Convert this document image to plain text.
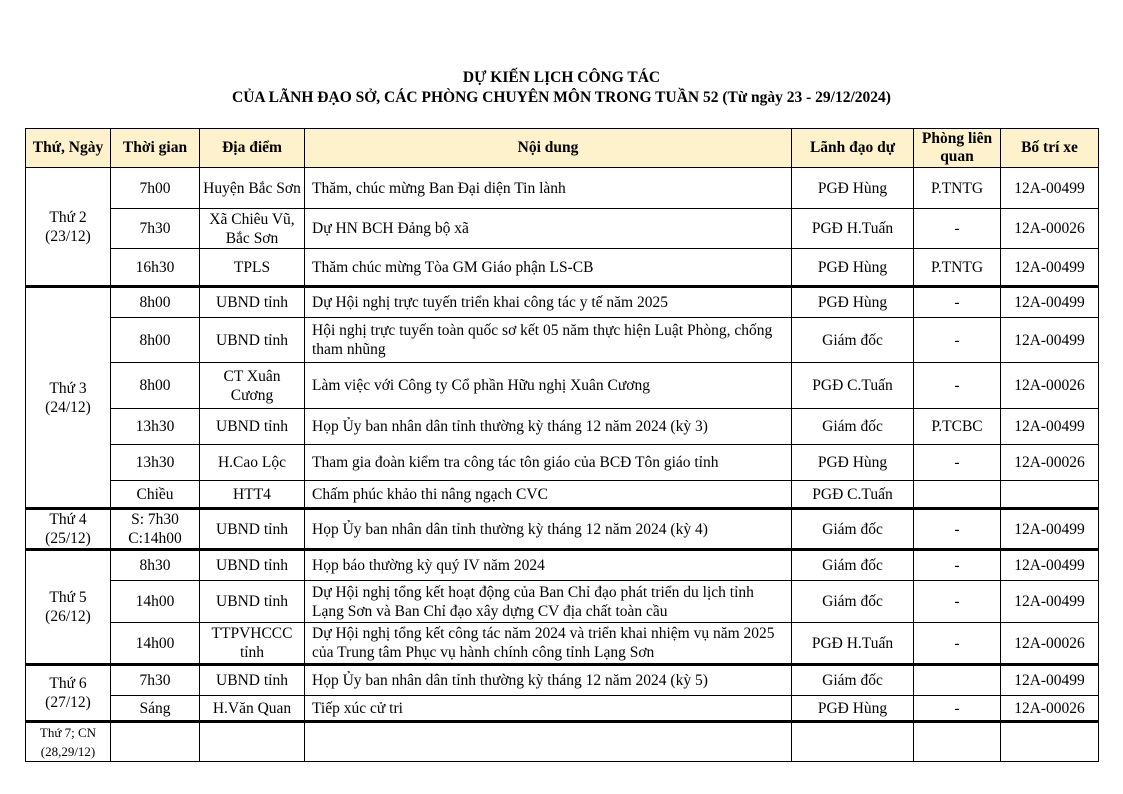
DỰ KIẾN LỊCH CÔNG TÁC
CỦA LÃNH ĐẠO SỞ, CÁC PHÒNG CHUYÊN MÔN TRONG TUẦN 52 (Từ ngày 23 - 29/12/2024)
Thứ, Ngày	Thời gian	Địa điểm	Nội dung	Lãnh đạo dự	Phòng liên quan	Bố trí xe
Thứ 2 (23/12)	7h00	Huyện Bắc Sơn	Thăm, chúc mừng Ban Đại diện Tin lành	PGĐ Hùng	P.TNTG	12A-00499
	7h30	Xã Chiêu Vũ, Bắc Sơn	Dự HN BCH Đảng bộ xã	PGĐ H.Tuấn	-	12A-00026
	16h30	TPLS	Thăm chúc mừng Tòa GM Giáo phận LS-CB	PGĐ Hùng	P.TNTG	12A-00499
Thứ 3 (24/12)	8h00	UBND tỉnh	Dự Hội nghị trực tuyến triển khai công tác y tế năm 2025	PGĐ Hùng	-	12A-00499
	8h00	UBND tỉnh	Hội nghị trực tuyến toàn quốc sơ kết 05 năm thực hiện Luật Phòng, chống tham nhũng	Giám đốc	-	12A-00499
	8h00	CT Xuân Cương	Làm việc với Công ty Cổ phần Hữu nghị Xuân Cương	PGĐ C.Tuấn	-	12A-00026
	13h30	UBND tỉnh	Họp Ủy ban nhân dân tỉnh thường kỳ tháng 12 năm 2024 (kỳ 3)	Giám đốc	P.TCBC	12A-00499
	13h30	H.Cao Lộc	Tham gia đoàn kiểm tra công tác tôn giáo của BCĐ Tôn giáo tỉnh	PGĐ Hùng	-	12A-00026
	Chiều	HTT4	Chấm phúc khảo thi nâng ngạch CVC	PGĐ C.Tuấn		
Thứ 4 (25/12)	S: 7h30 C:14h00	UBND tỉnh	Họp Ủy ban nhân dân tỉnh thường kỳ tháng 12 năm 2024 (kỳ 4)	Giám đốc	-	12A-00499
Thứ 5 (26/12)	8h30	UBND tỉnh	Họp báo thường kỳ quý IV năm 2024	Giám đốc	-	12A-00499
	14h00	UBND tỉnh	Dự Hội nghị tổng kết hoạt động của Ban Chỉ đạo phát triển du lịch tỉnh Lạng Sơn và Ban Chỉ đạo xây dựng CV địa chất toàn cầu	Giám đốc	-	12A-00499
	14h00	TTPVHCCC tỉnh	Dự Hội nghị tổng kết công tác năm 2024 và triển khai nhiệm vụ năm 2025 của Trung tâm Phục vụ hành chính công tỉnh Lạng Sơn	PGĐ H.Tuấn	-	12A-00026
Thứ 6 (27/12)	7h30	UBND tỉnh	Họp Ủy ban nhân dân tỉnh thường kỳ tháng 12 năm 2024 (kỳ 5)	Giám đốc		12A-00499
	Sáng	H.Văn Quan	Tiếp xúc cử tri	PGĐ Hùng	-	12A-00026
Thứ 7; CN (28,29/12)						
